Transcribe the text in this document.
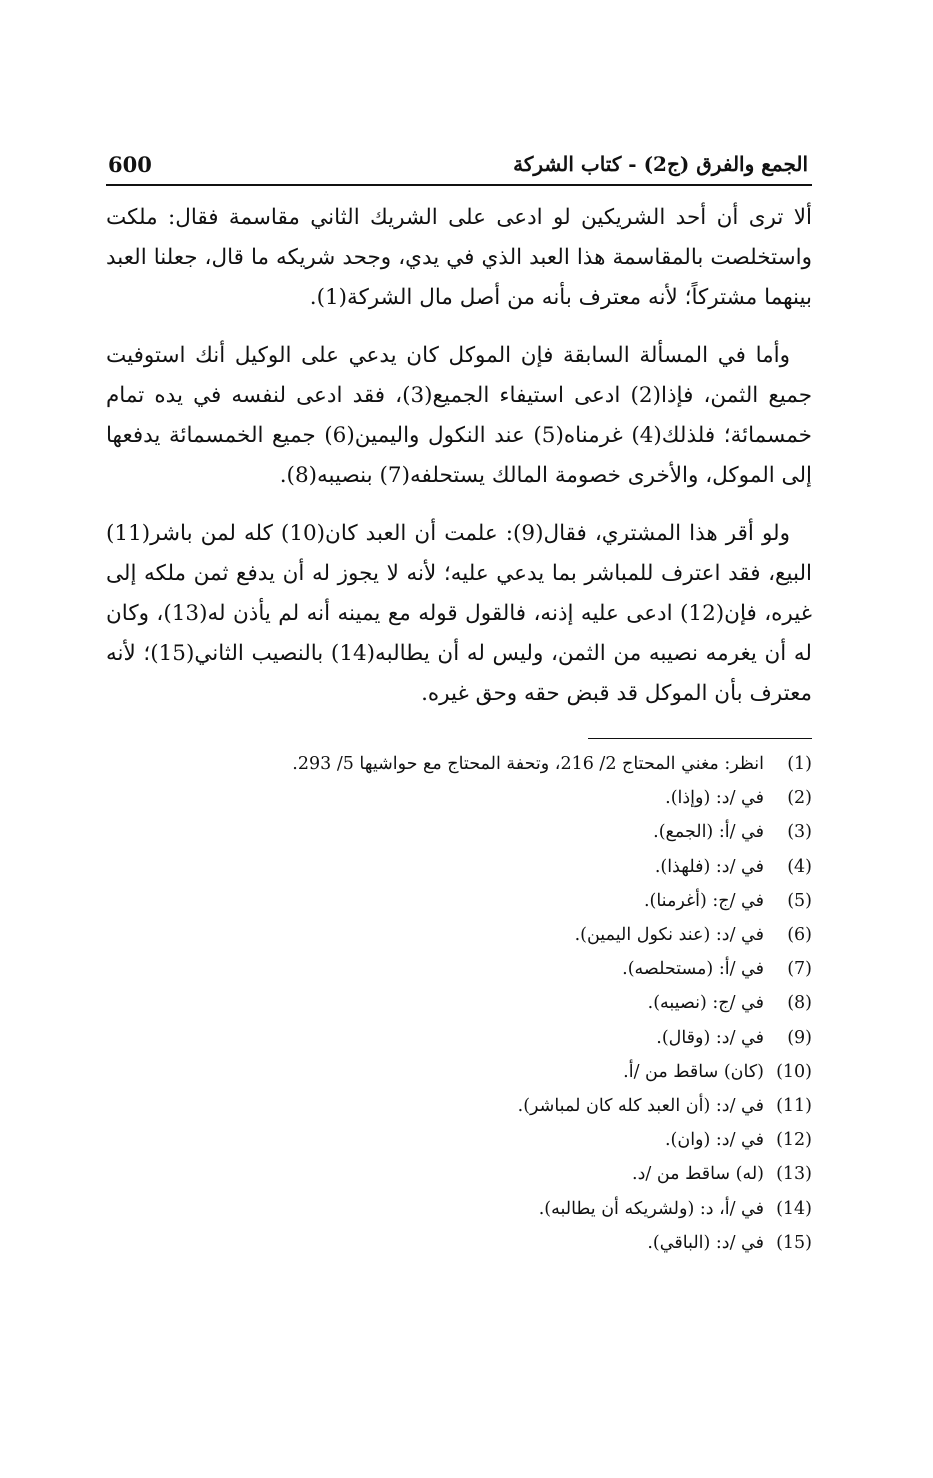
الجمع والفرق (ج2) - كتاب الشركة
600

ألا ترى أن أحد الشريكين لو ادعى على الشريك الثاني مقاسمة فقال: ملكت واستخلصت بالمقاسمة هذا العبد الذي في يدي، وجحد شريكه ما قال، جعلنا العبد بينهما مشتركاً؛ لأنه معترف بأنه من أصل مال الشركة(1).

وأما في المسألة السابقة فإن الموكل كان يدعي على الوكيل أنك استوفيت جميع الثمن، فإذا(2) ادعى استيفاء الجميع(3)، فقد ادعى لنفسه في يده تمام خمسمائة؛ فلذلك(4) غرمناه(5) عند النكول واليمين(6) جميع الخمسمائة يدفعها إلى الموكل، والأخرى خصومة المالك يستحلفه(7) بنصيبه(8).

ولو أقر هذا المشتري، فقال(9): علمت أن العبد كان(10) كله لمن باشر(11) البيع، فقد اعترف للمباشر بما يدعي عليه؛ لأنه لا يجوز له أن يدفع ثمن ملكه إلى غيره، فإن(12) ادعى عليه إذنه، فالقول قوله مع يمينه أنه لم يأذن له(13)، وكان له أن يغرمه نصيبه من الثمن، وليس له أن يطالبه(14) بالنصيب الثاني(15)؛ لأنه معترف بأن الموكل قد قبض حقه وحق غيره.

(1)
انظر: مغني المحتاج 2/ 216، وتحفة المحتاج مع حواشيها 5/ 293.
(2)
في /د: (وإذا).
(3)
في /أ: (الجمع).
(4)
في /د: (فلهذا).
(5)
في /ج: (أغرمنا).
(6)
في /د: (عند نكول اليمين).
(7)
في /أ: (مستحلصه).
(8)
في /ج: (نصيبه).
(9)
في /د: (وقال).
(10)
(كان) ساقط من /أ.
(11)
في /د: (أن العبد كله كان لمباشر).
(12)
في /د: (وان).
(13)
(له) ساقط من /د.
(14)
في /أ، د: (ولشريكه أن يطالبه).
(15)
في /د: (الباقي).
